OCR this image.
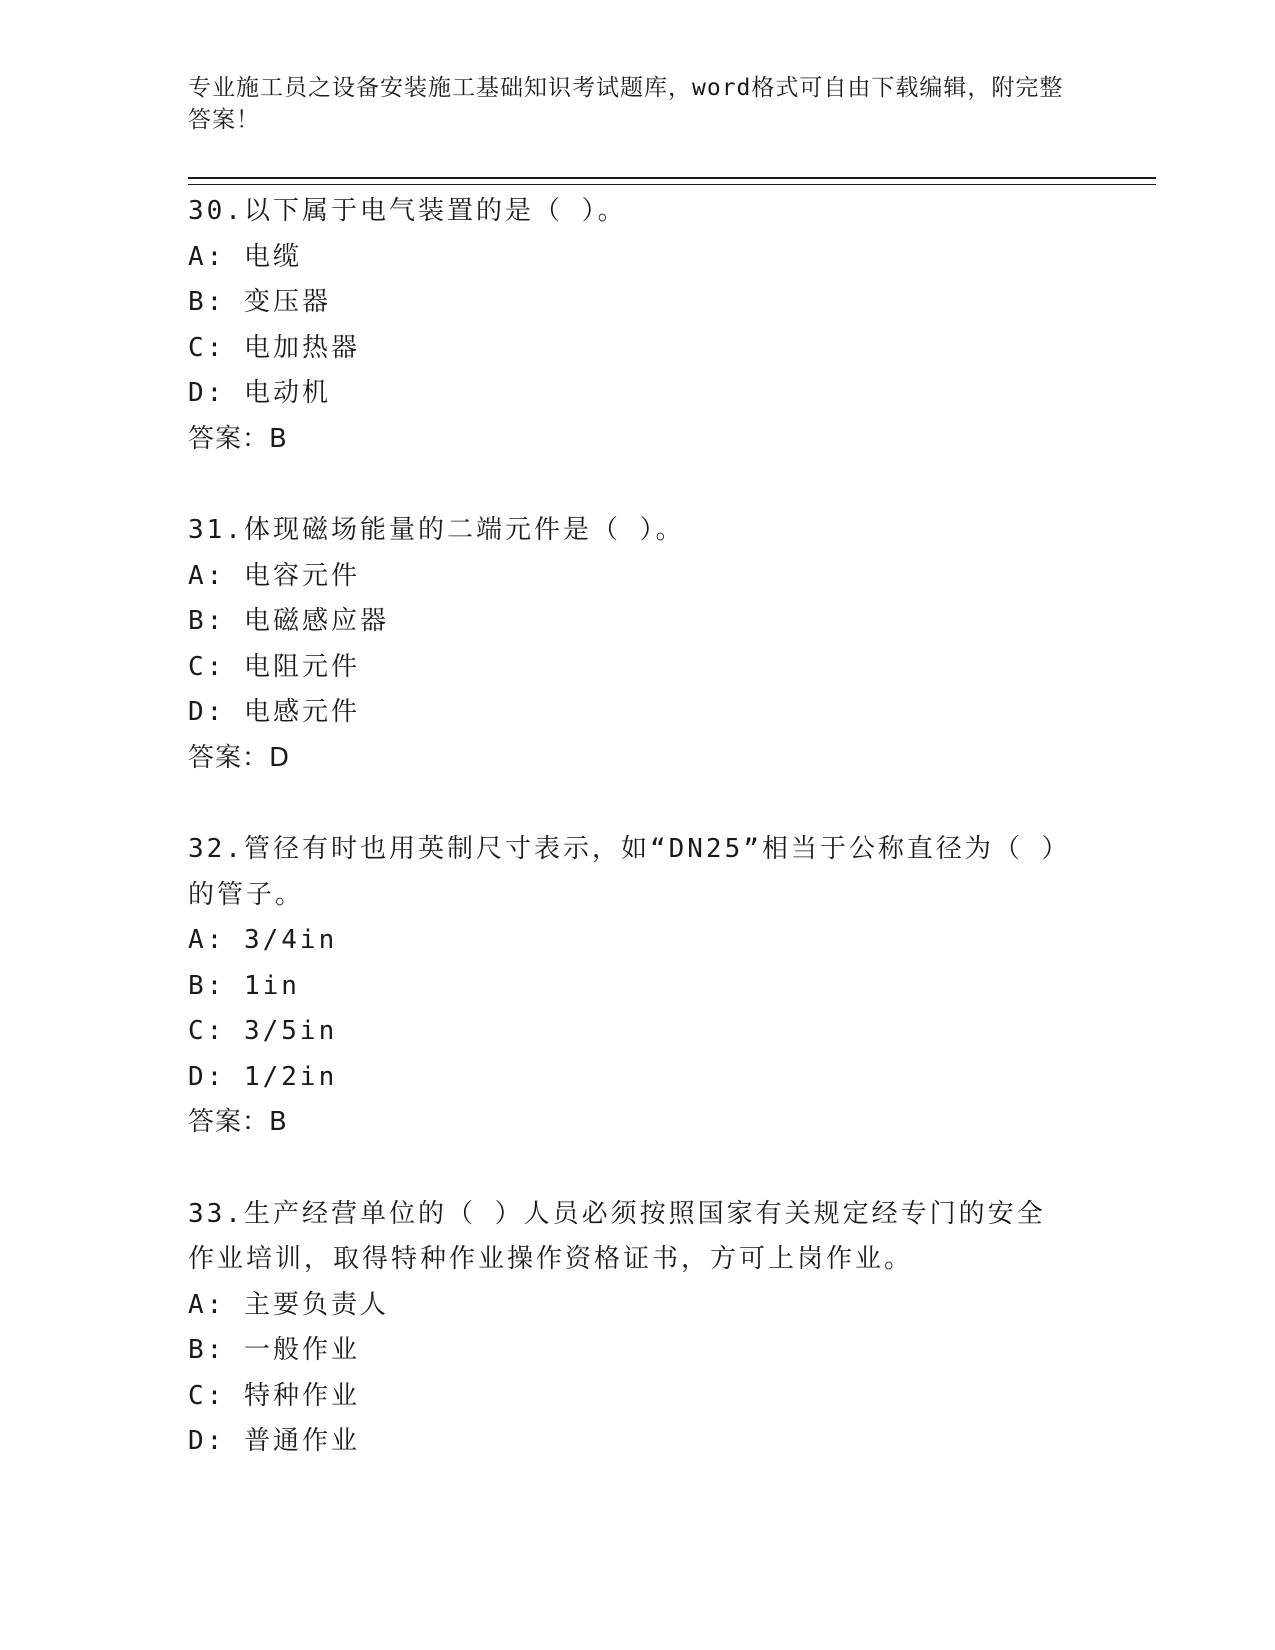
专业施工员之设备安装施工基础知识考试题库，word格式可自由下载编辑，附完整答案！
30.以下属于电气装置的是（ ）。
A: 电缆
B: 变压器
C: 电加热器
D: 电动机
答案：B
31.体现磁场能量的二端元件是（ ）。
A: 电容元件
B: 电磁感应器
C: 电阻元件
D: 电感元件
答案：D
32.管径有时也用英制尺寸表示，如“DN25”相当于公称直径为（ ）的管子。
A: 3/4in
B: 1in
C: 3/5in
D: 1/2in
答案：B
33.生产经营单位的（ ）人员必须按照国家有关规定经专门的安全作业培训，取得特种作业操作资格证书，方可上岗作业。
A: 主要负责人
B: 一般作业
C: 特种作业
D: 普通作业
